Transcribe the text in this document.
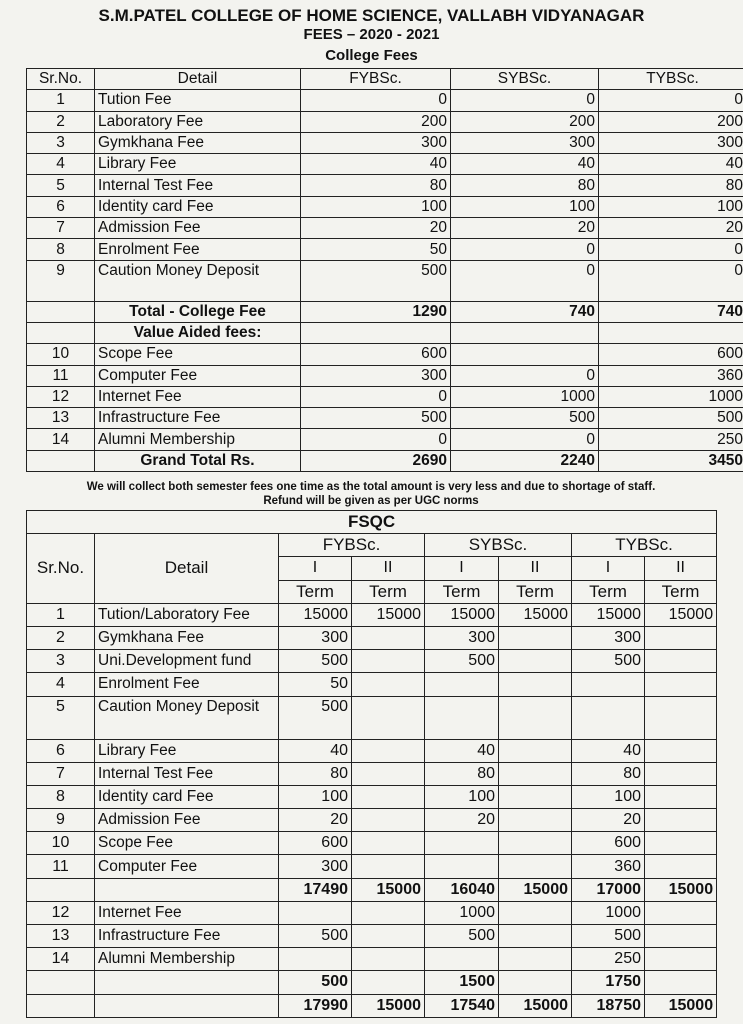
S.M.PATEL COLLEGE OF HOME SCIENCE, VALLABH VIDYANAGAR
FEES – 2020 - 2021
College Fees
Sr.No.	Detail	FYBSc.	SYBSc.	TYBSc.
1	Tution Fee	0	0	0
2	Laboratory Fee	200	200	200
3	Gymkhana Fee	300	300	300
4	Library Fee	40	40	40
5	Internal Test Fee	80	80	80
6	Identity card Fee	100	100	100
7	Admission Fee	20	20	20
8	Enrolment Fee	50	0	0
9	Caution Money Deposit	500	0	0
	Total - College Fee	1290	740	740
	Value Aided fees:			
10	Scope Fee	600		600
11	Computer Fee	300	0	360
12	Internet Fee	0	1000	1000
13	Infrastructure Fee	500	500	500
14	Alumni Membership	0	0	250
	Grand Total Rs.	2690	2240	3450
We will collect both semester fees one time as the total amount is very less and due to shortage of staff.
Refund will be given as per UGC norms
FSQC							
Sr.No.	Detail	FYBSc.		SYBSc.		TYBSc.	
		I	II	I	II	I	II
		Term	Term	Term	Term	Term	Term
1	Tution/Laboratory Fee	15000	15000	15000	15000	15000	15000
2	Gymkhana Fee	300		300		300	
3	Uni.Development fund	500		500		500	
4	Enrolment Fee	50					
5	Caution Money Deposit	500					
6	Library Fee	40		40		40	
7	Internal Test Fee	80		80		80	
8	Identity card Fee	100		100		100	
9	Admission Fee	20		20		20	
10	Scope Fee	600				600	
11	Computer Fee	300				360	
		17490	15000	16040	15000	17000	15000
12	Internet Fee			1000		1000	
13	Infrastructure Fee	500		500		500	
14	Alumni Membership					250	
		500		1500		1750	
		17990	15000	17540	15000	18750	15000
